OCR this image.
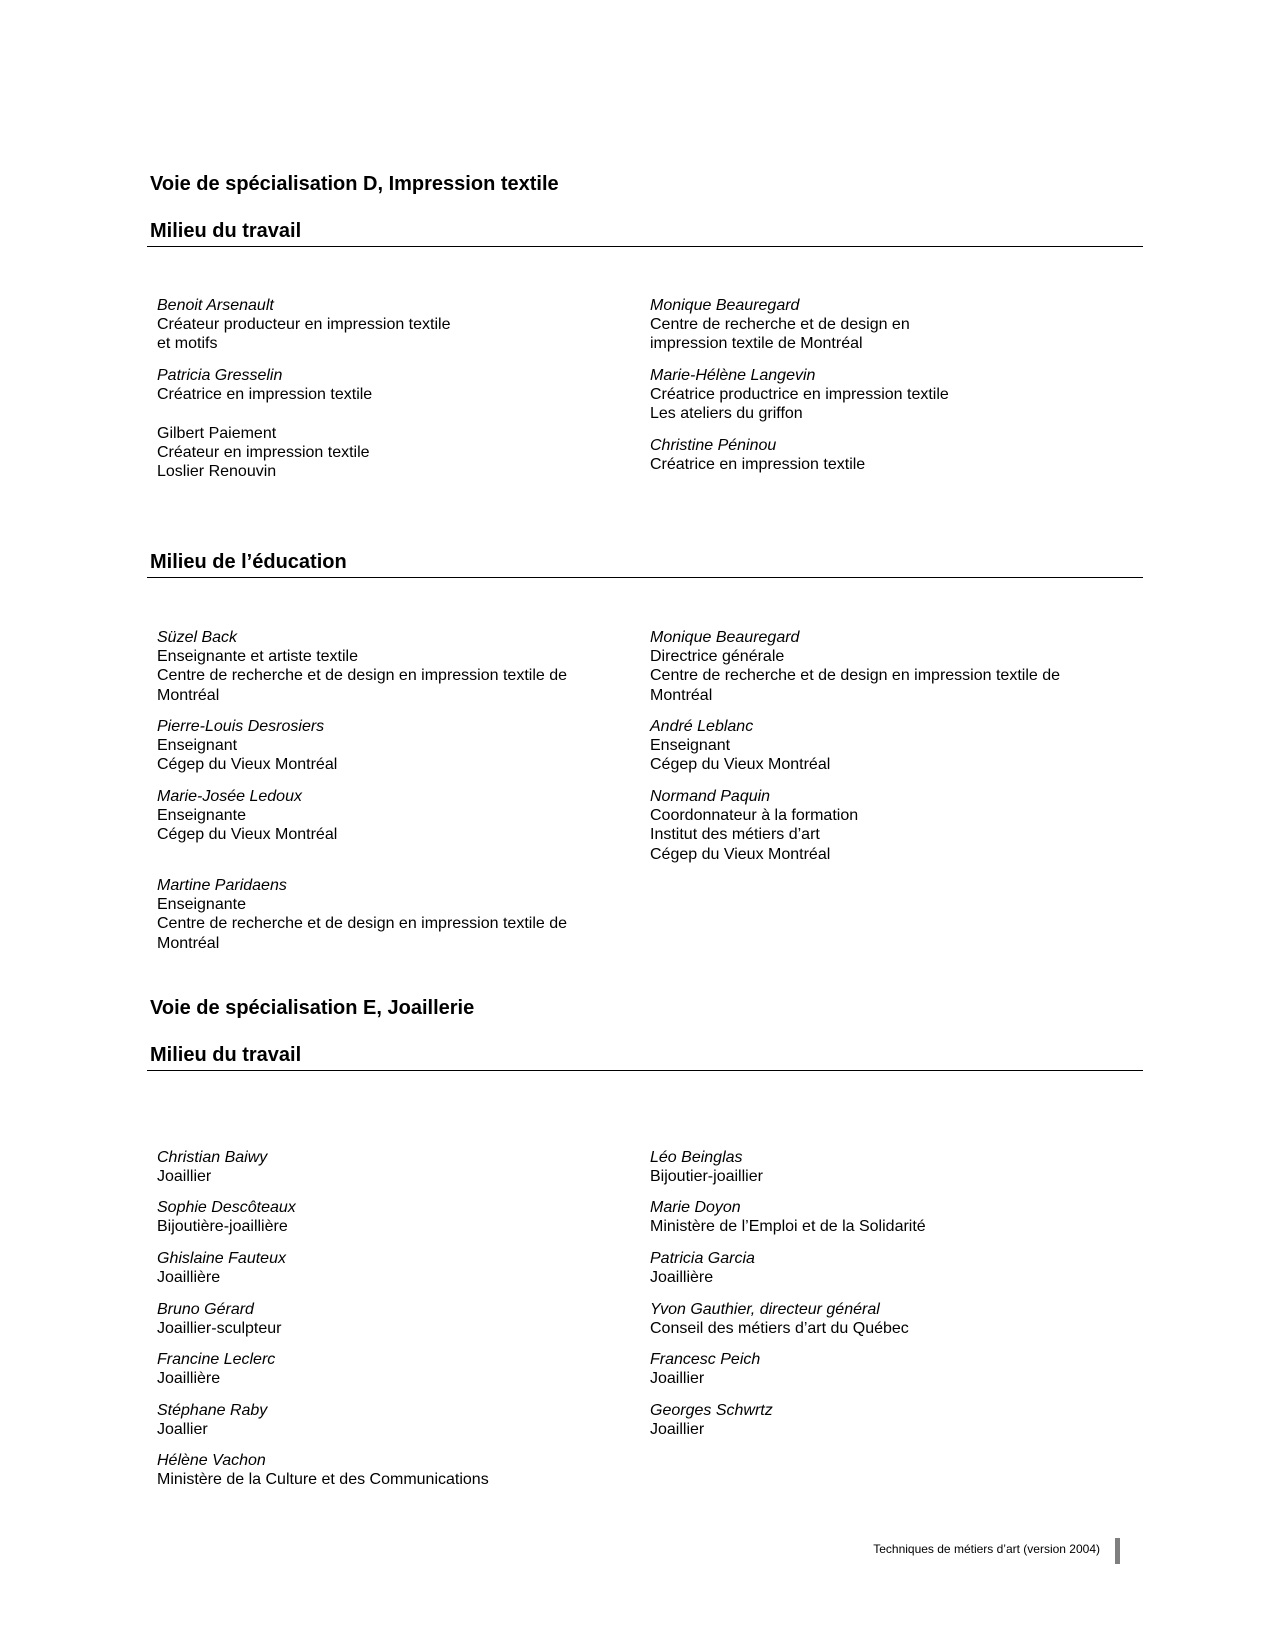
Voie de spécialisation D, Impression textile
Milieu du travail
Benoit Arsenault
Créateur producteur en impression textile
et motifs
Patricia Gresselin
Créatrice en impression textile
Gilbert Paiement
Créateur en impression textile
Loslier Renouvin
Monique Beauregard
Centre de recherche et de design en
impression textile de Montréal
Marie-Hélène Langevin
Créatrice productrice en impression textile
Les ateliers du griffon
Christine Péninou
Créatrice en impression textile
Milieu de l’éducation
Süzel Back
Enseignante et artiste textile
Centre de recherche et de design en impression textile de
Montréal
Pierre-Louis Desrosiers
Enseignant
Cégep du Vieux Montréal
Marie-Josée Ledoux
Enseignante
Cégep du Vieux Montréal
Martine Paridaens
Enseignante
Centre de recherche et de design en impression textile de
Montréal
Monique Beauregard
Directrice générale
Centre de recherche et de design en impression textile de
Montréal
André Leblanc
Enseignant
Cégep du Vieux Montréal
Normand Paquin
Coordonnateur à la formation
Institut des métiers d’art
Cégep du Vieux Montréal
Voie de spécialisation E, Joaillerie
Milieu du travail
Christian Baiwy
Joaillier
Sophie Descôteaux
Bijoutière-joaillière
Ghislaine Fauteux
Joaillière
Bruno Gérard
Joaillier-sculpteur
Francine Leclerc
Joaillière
Stéphane Raby
Joallier
Hélène Vachon
Ministère de la Culture et des Communications
Léo Beinglas
Bijoutier-joaillier
Marie Doyon
Ministère de l’Emploi et de la Solidarité
Patricia Garcia
Joaillière
Yvon Gauthier, directeur général
Conseil des métiers d’art du Québec
Francesc Peich
Joaillier
Georges Schwrtz
Joaillier
Techniques de métiers d’art (version 2004)
